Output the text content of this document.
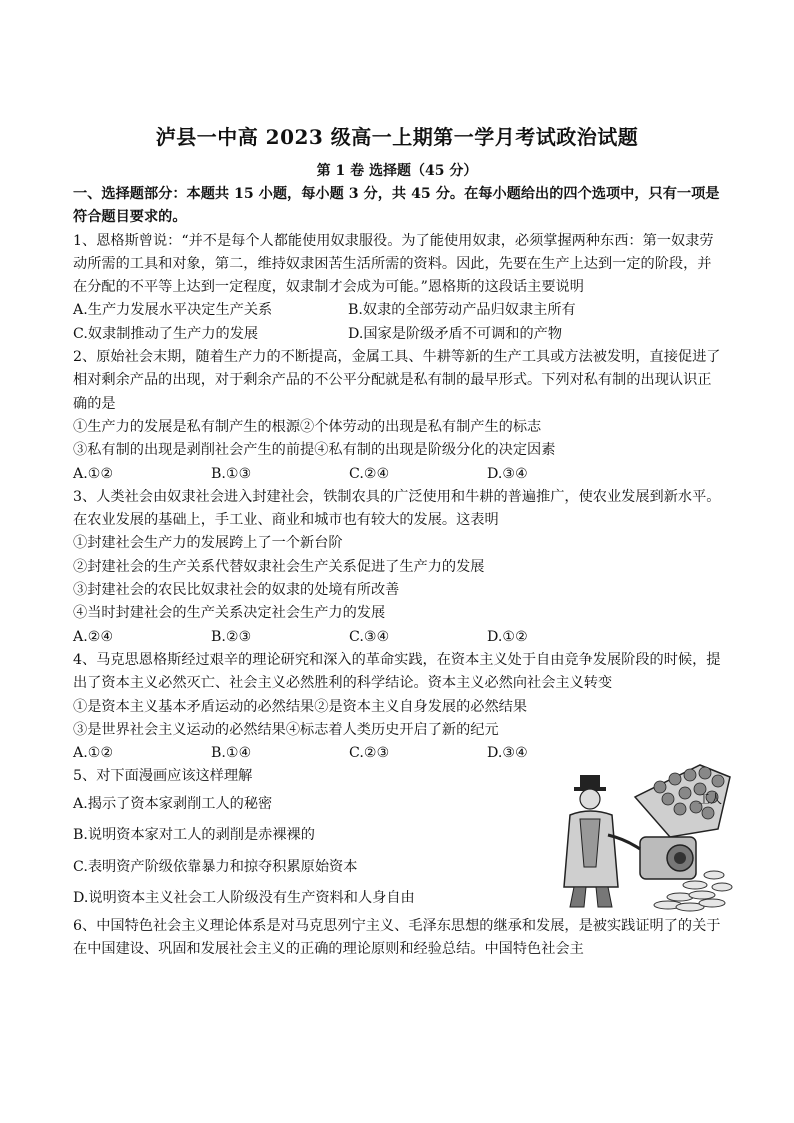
泸县一中高 2023 级高一上期第一学月考试政治试题
第 1 卷 选择题（45 分）

一、选择题部分：本题共 15 小题，每小题 3 分，共 45 分。在每小题给出的四个选项中，只有一项是符合题目要求的。

1、恩格斯曾说：“并不是每个人都能使用奴隶服役。为了能使用奴隶，必须掌握两种东西：第一奴隶劳动所需的工具和对象，第二，维持奴隶困苦生活所需的资料。因此，先要在生产上达到一定的阶段，并在分配的不平等上达到一定程度，奴隶制才会成为可能。”恩格斯的这段话主要说明

A.生产力发展水平决定生产关系	B.奴隶的全部劳动产品归奴隶主所有
C.奴隶制推动了生产力的发展	D.国家是阶级矛盾不可调和的产物

2、原始社会末期，随着生产力的不断提高，金属工具、牛耕等新的生产工具或方法被发明，直接促进了相对剩余产品的出现，对于剩余产品的不公平分配就是私有制的最早形式。下列对私有制的出现认识正确的是

①生产力的发展是私有制产生的根源②个体劳动的出现是私有制产生的标志

③私有制的出现是剥削社会产生的前提④私有制的出现是阶级分化的决定因素

A.①②	B.①③	C.②④	D.③④

3、人类社会由奴隶社会进入封建社会，铁制农具的广泛使用和牛耕的普遍推广，使农业发展到新水平。在农业发展的基础上，手工业、商业和城市也有较大的发展。这表明

①封建社会生产力的发展跨上了一个新台阶

②封建社会的生产关系代替奴隶社会生产关系促进了生产力的发展

③封建社会的农民比奴隶社会的奴隶的处境有所改善

④当时封建社会的生产关系决定社会生产力的发展

A.②④	B.②③	C.③④	D.①②

4、马克思恩格斯经过艰辛的理论研究和深入的革命实践，在资本主义处于自由竞争发展阶段的时候，提出了资本主义必然灭亡、社会主义必然胜利的科学结论。资本主义必然向社会主义转变

①是资本主义基本矛盾运动的必然结果②是资本主义自身发展的必然结果

③是世界社会主义运动的必然结果④标志着人类历史开启了新的纪元

A.①②	B.①④	C.②③	D.③④

5、对下面漫画应该这样理解

A.揭示了资本家剥削工人的秘密

B.说明资本家对工人的剥削是赤裸裸的

C.表明资产阶级依靠暴力和掠夺积累原始资本

D.说明资本主义社会工人阶级没有生产资料和人身自由

工人

6、中国特色社会主义理论体系是对马克思列宁主义、毛泽东思想的继承和发展，是被实践证明了的关于在中国建设、巩固和发展社会主义的正确的理论原则和经验总结。中国特色社会主
